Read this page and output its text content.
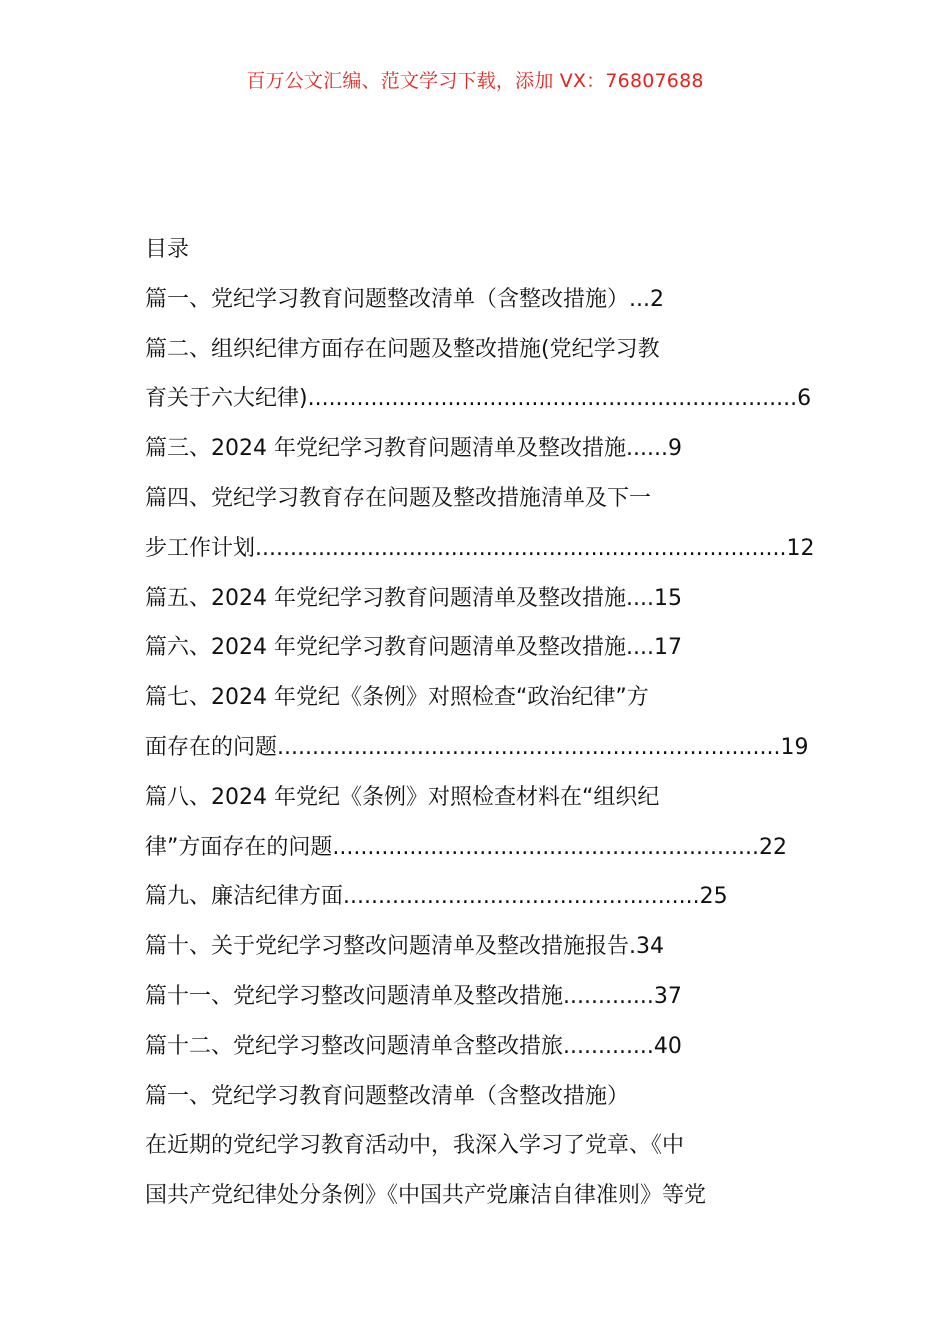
百万公文汇编、范文学习下载，添加 VX：76807688
目录
篇一、党纪学习教育问题整改清单（含整改措施）...2
篇二、组织纪律方面存在问题及整改措施(党纪学习教
育关于六大纪律)......................................................................6
篇三、2024 年党纪学习教育问题清单及整改措施......9
篇四、党纪学习教育存在问题及整改措施清单及下一
步工作计划............................................................................12
篇五、2024 年党纪学习教育问题清单及整改措施....15
篇六、2024 年党纪学习教育问题清单及整改措施....17
篇七、2024 年党纪《条例》对照检查“政治纪律”方
面存在的问题........................................................................19
篇八、2024 年党纪《条例》对照检查材料在“组织纪
律”方面存在的问题.............................................................22
篇九、廉洁纪律方面...................................................25
篇十、关于党纪学习整改问题清单及整改措施报告.34
篇十一、党纪学习整改问题清单及整改措施.............37
篇十二、党纪学习整改问题清单含整改措旅.............40
篇一、党纪学习教育问题整改清单（含整改措施）
在近期的党纪学习教育活动中，我深入学习了党章、《中
国共产党纪律处分条例》《中国共产党廉洁自律准则》等党
